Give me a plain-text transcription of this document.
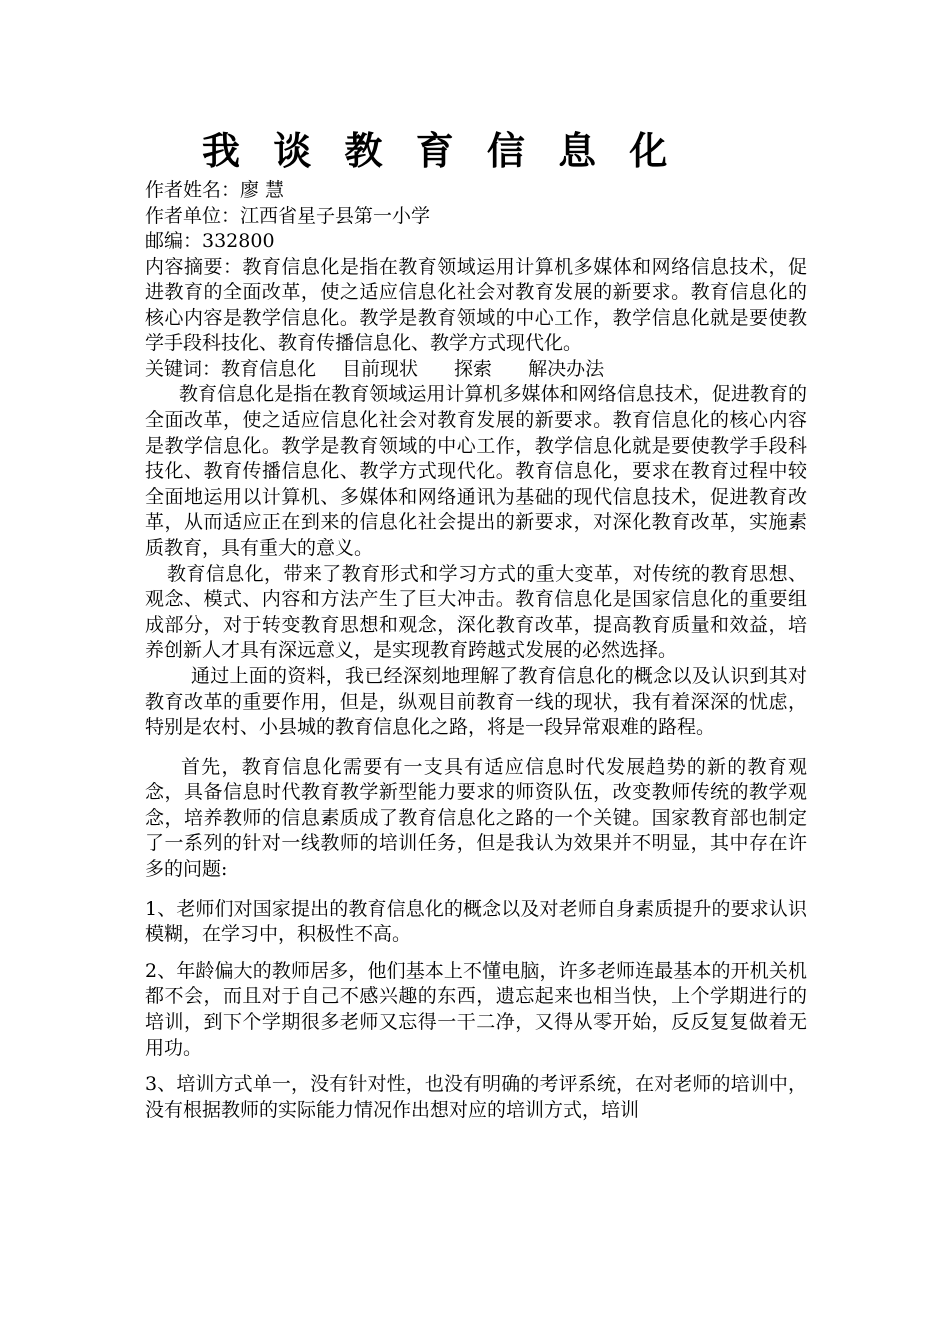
我 谈 教 育 信 息 化

作者姓名：廖 慧

作者单位：江西省星子县第一小学

邮编：332800

内容摘要：教育信息化是指在教育领域运用计算机多媒体和网络信息技术，促进教育的全面改革，使之适应信息化社会对教育发展的新要求。教育信息化的核心内容是教学信息化。教学是教育领域的中心工作，教学信息化就是要使教学手段科技化、教育传播信息化、教学方式现代化。

关键词：教育信息化 目前现状 探索 解决办法

教育信息化是指在教育领域运用计算机多媒体和网络信息技术，促进教育的全面改革，使之适应信息化社会对教育发展的新要求。教育信息化的核心内容是教学信息化。教学是教育领域的中心工作，教学信息化就是要使教学手段科技化、教育传播信息化、教学方式现代化。教育信息化，要求在教育过程中较全面地运用以计算机、多媒体和网络通讯为基础的现代信息技术，促进教育改革，从而适应正在到来的信息化社会提出的新要求，对深化教育改革，实施素质教育，具有重大的意义。

教育信息化，带来了教育形式和学习方式的重大变革，对传统的教育思想、观念、模式、内容和方法产生了巨大冲击。教育信息化是国家信息化的重要组成部分，对于转变教育思想和观念，深化教育改革，提高教育质量和效益，培养创新人才具有深远意义，是实现教育跨越式发展的必然选择。

通过上面的资料，我已经深刻地理解了教育信息化的概念以及认识到其对教育改革的重要作用，但是，纵观目前教育一线的现状，我有着深深的忧虑，特别是农村、小县城的教育信息化之路，将是一段异常艰难的路程。

首先，教育信息化需要有一支具有适应信息时代发展趋势的新的教育观念，具备信息时代教育教学新型能力要求的师资队伍，改变教师传统的教学观念，培养教师的信息素质成了教育信息化之路的一个关键。国家教育部也制定了一系列的针对一线教师的培训任务，但是我认为效果并不明显，其中存在许多的问题:

1、老师们对国家提出的教育信息化的概念以及对老师自身素质提升的要求认识模糊，在学习中，积极性不高。

2、年龄偏大的教师居多，他们基本上不懂电脑，许多老师连最基本的开机关机都不会，而且对于自己不感兴趣的东西，遗忘起来也相当快，上个学期进行的培训，到下个学期很多老师又忘得一干二净，又得从零开始，反反复复做着无用功。

3、培训方式单一，没有针对性，也没有明确的考评系统，在对老师的培训中，没有根据教师的实际能力情况作出想对应的培训方式，培训
